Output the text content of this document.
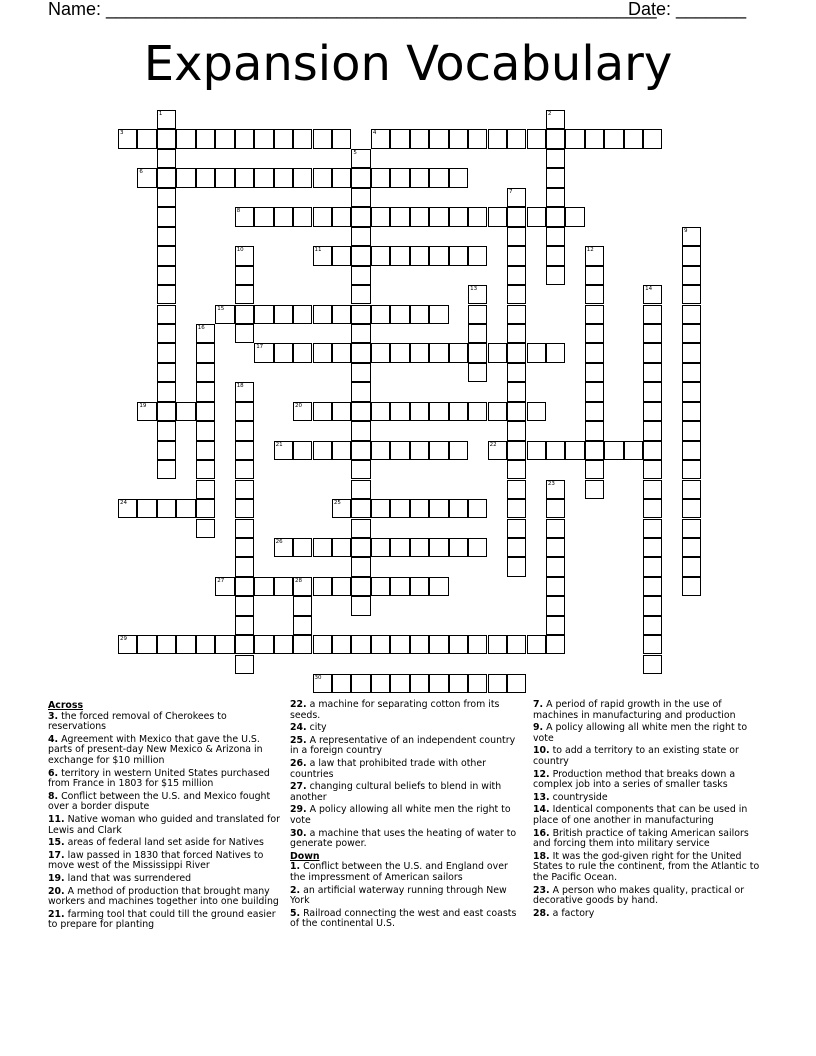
Name: _______________________________________________________
Date: _______
Expansion Vocabulary
1	2
3	4
5
6
7
8
9
10	11	12
13	14
15
16
17
18
19	20
21	22
23
24	25
26
27	28
29
30
Across
3. the forced removal of Cherokees to reservations
4. Agreement with Mexico that gave the U.S. parts of present-day New Mexico & Arizona in exchange for $10 million
6. territory in western United States purchased from France in 1803 for $15 million
8. Conflict between the U.S. and Mexico fought over a border dispute
11. Native woman who guided and translated for Lewis and Clark
15. areas of federal land set aside for Natives
17. law passed in 1830 that forced Natives to move west of the Mississippi River
19. land that was surrendered
20. A method of production that brought many workers and machines together into one building
21. farming tool that could till the ground easier to prepare for planting
22. a machine for separating cotton from its seeds.
24. city
25. A representative of an independent country in a foreign country
26. a law that prohibited trade with other countries
27. changing cultural beliefs to blend in with another
29. A policy allowing all white men the right to vote
30. a machine that uses the heating of water to generate power.
Down
1. Conflict between the U.S. and England over the impressment of American sailors
2. an artificial waterway running through New York
5. Railroad connecting the west and east coasts of the continental U.S.
7. A period of rapid growth in the use of machines in manufacturing and production
9. A policy allowing all white men the right to vote
10. to add a territory to an existing state or country
12. Production method that breaks down a complex job into a series of smaller tasks
13. countryside
14. Identical components that can be used in place of one another in manufacturing
16. British practice of taking American sailors and forcing them into military service
18. It was the god-given right for the United States to rule the continent, from the Atlantic to the Pacific Ocean.
23. A person who makes quality, practical or decorative goods by hand.
28. a factory
